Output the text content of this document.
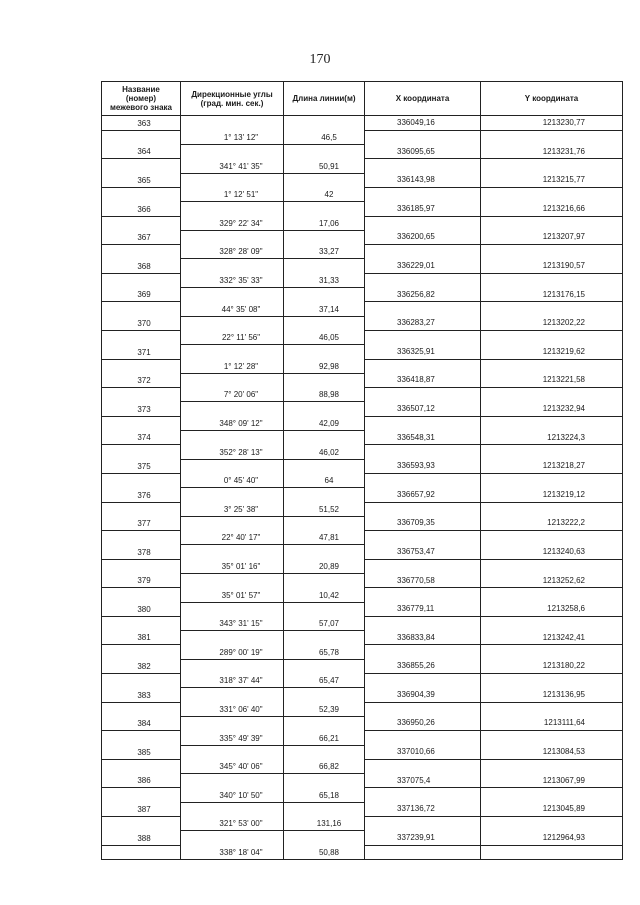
170
Название
(номер)
межевого знака	Дирекционные углы
(град. мин. сек.)	Длина линии(м)	X координата	Y координата
363			336049,16	1213230,77
	1° 13' 12"	46,5		
364			336095,65	1213231,76
	341° 41' 35"	50,91		
365			336143,98	1213215,77
	1° 12' 51"	42		
366			336185,97	1213216,66
	329° 22' 34"	17,06		
367			336200,65	1213207,97
	328° 28' 09"	33,27		
368			336229,01	1213190,57
	332° 35' 33"	31,33		
369			336256,82	1213176,15
	44° 35' 08"	37,14		
370			336283,27	1213202,22
	22° 11' 56"	46,05		
371			336325,91	1213219,62
	1° 12' 28"	92,98		
372			336418,87	1213221,58
	7° 20' 06"	88,98		
373			336507,12	1213232,94
	348° 09' 12"	42,09		
374			336548,31	1213224,3
	352° 28' 13"	46,02		
375			336593,93	1213218,27
	0° 45' 40"	64		
376			336657,92	1213219,12
	3° 25' 38"	51,52		
377			336709,35	1213222,2
	22° 40' 17"	47,81		
378			336753,47	1213240,63
	35° 01' 16"	20,89		
379			336770,58	1213252,62
	35° 01' 57"	10,42		
380			336779,11	1213258,6
	343° 31' 15"	57,07		
381			336833,84	1213242,41
	289° 00' 19"	65,78		
382			336855,26	1213180,22
	318° 37' 44"	65,47		
383			336904,39	1213136,95
	331° 06' 40"	52,39		
384			336950,26	1213111,64
	335° 49' 39"	66,21		
385			337010,66	1213084,53
	345° 40' 06"	66,82		
386			337075,4	1213067,99
	340° 10' 50"	65,18		
387			337136,72	1213045,89
	321° 53' 00"	131,16		
388			337239,91	1212964,93
	338° 18' 04"	50,88		
